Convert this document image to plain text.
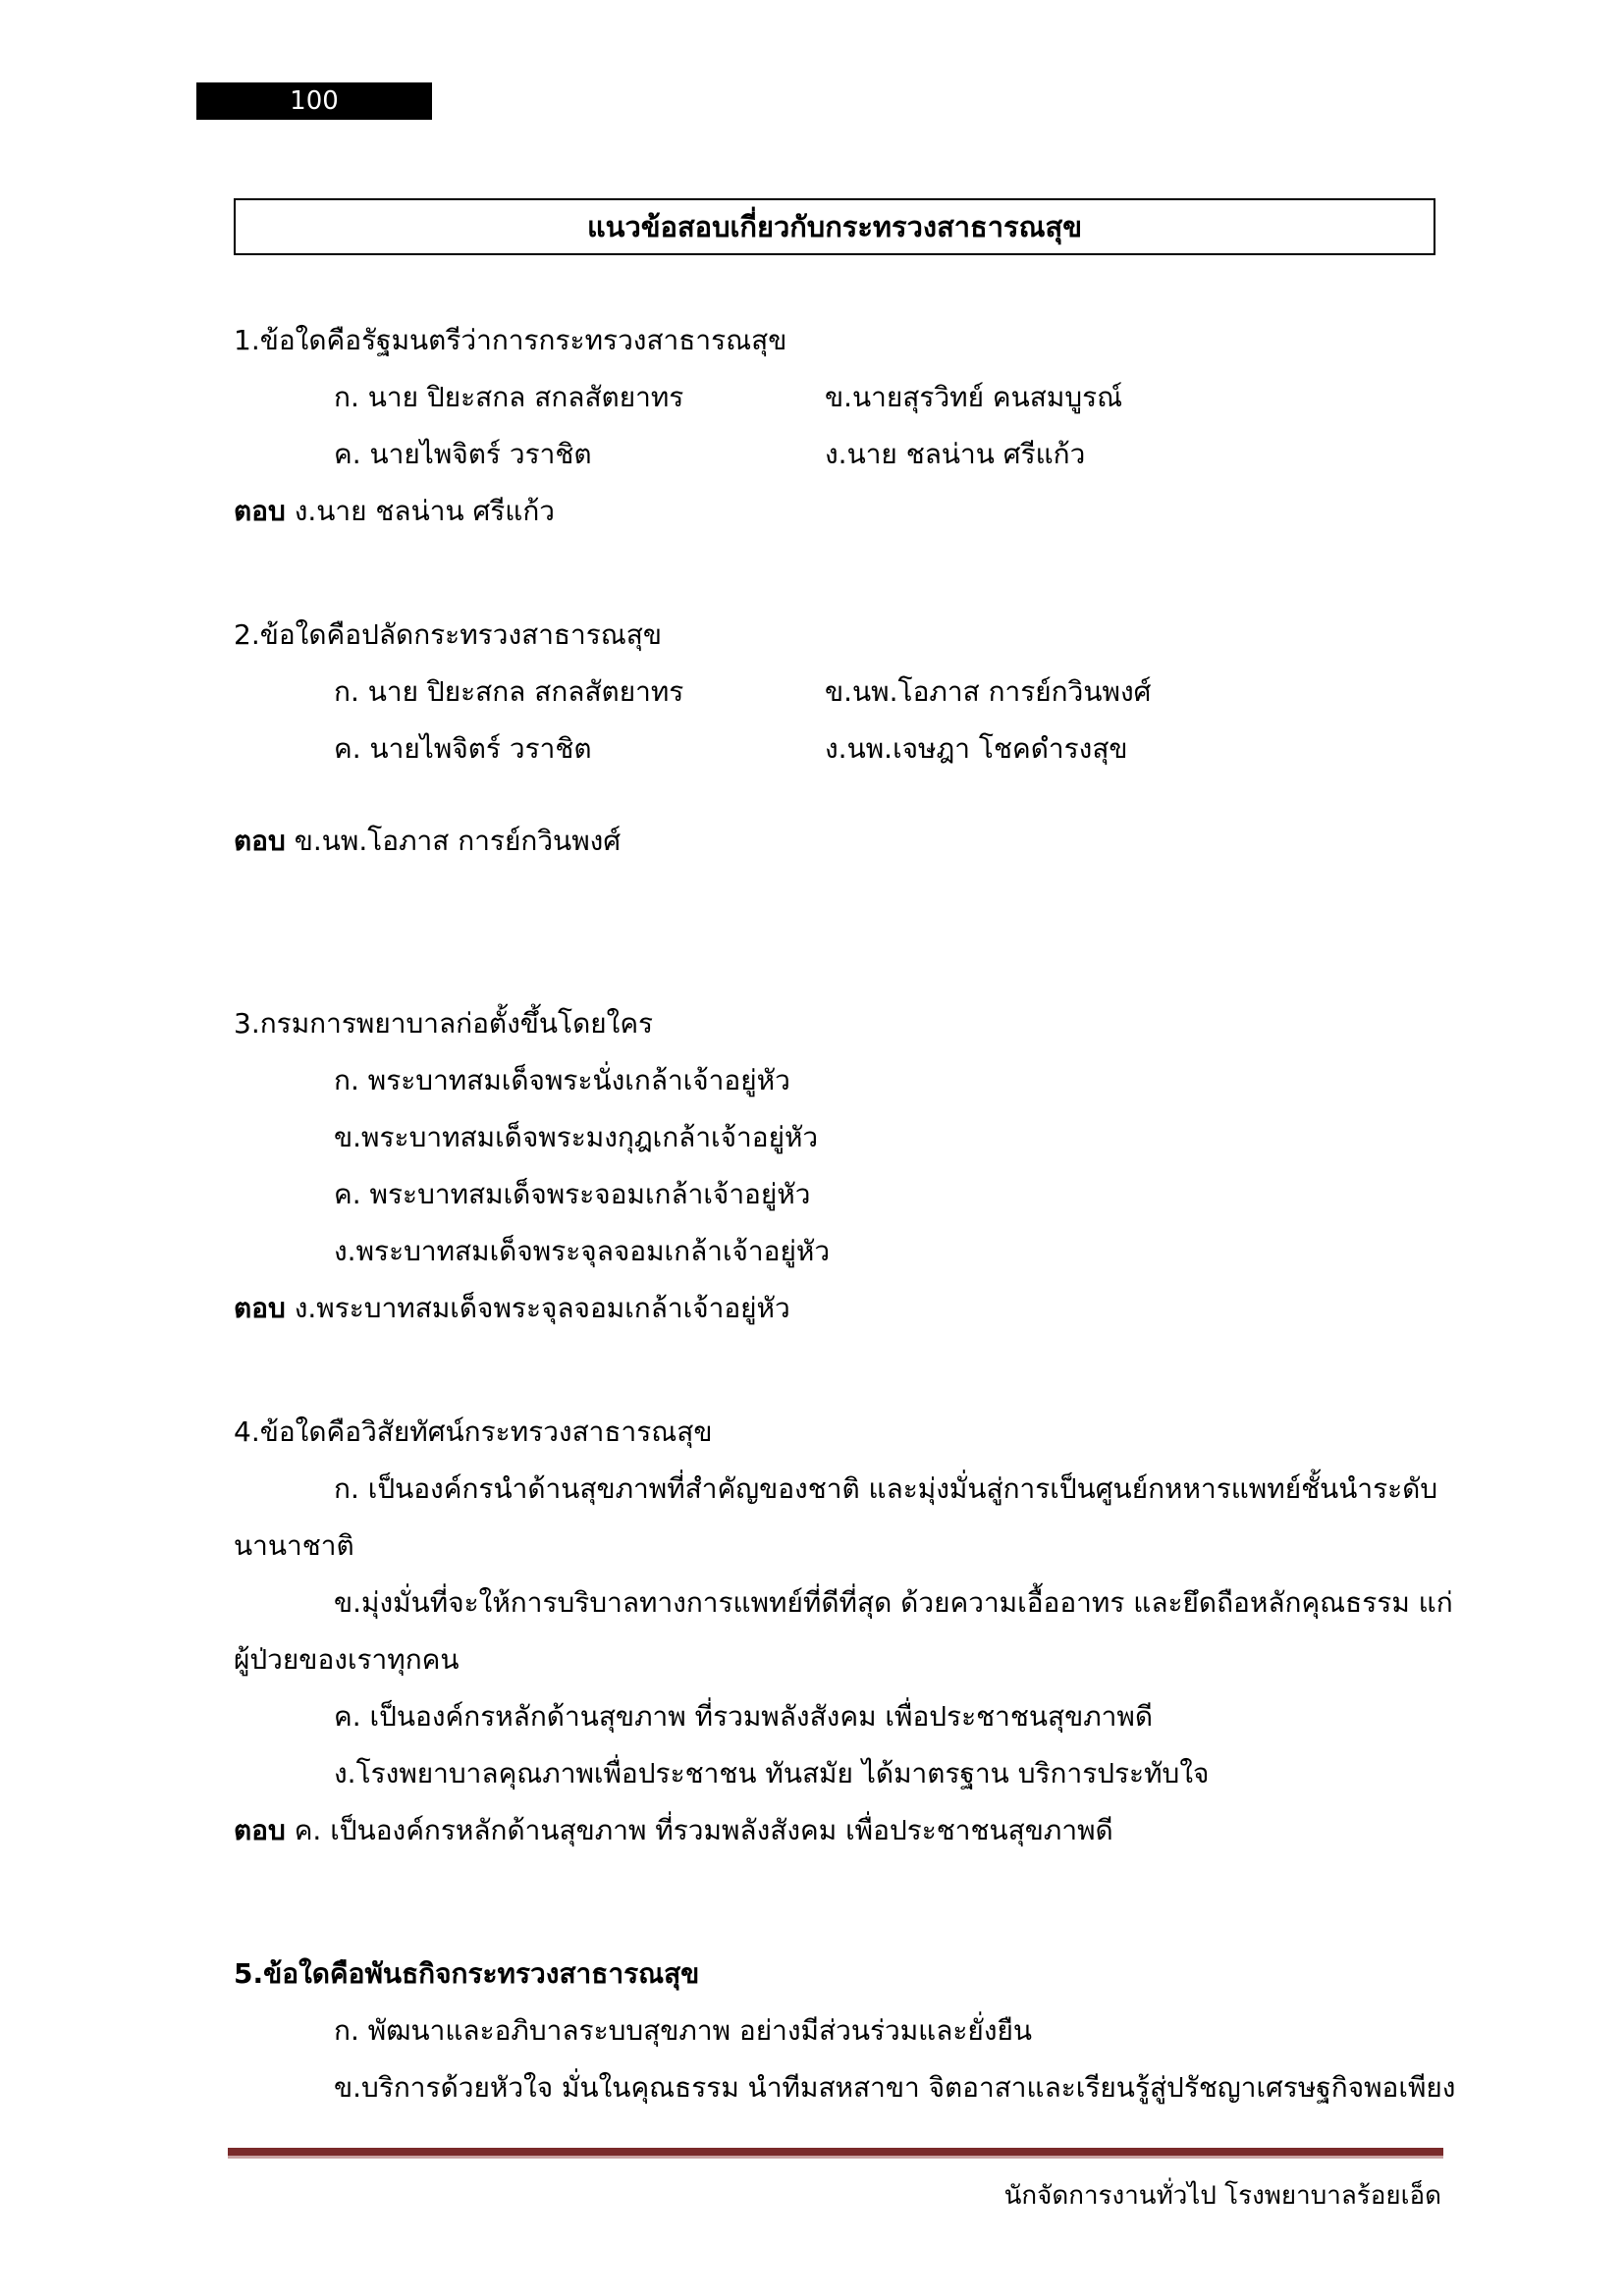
100
แนวข้อสอบเกี่ยวกับกระทรวงสาธารณสุข
1.ข้อใดคือรัฐมนตรีว่าการกระทรวงสาธารณสุข
ก. นาย ปิยะสกล สกลสัตยาทร	ข.นายสุรวิทย์ คนสมบูรณ์
ค. นายไพจิตร์ วราชิต	ง.นาย ชลน่าน ศรีแก้ว
ตอบ ง.นาย ชลน่าน ศรีแก้ว
2.ข้อใดคือปลัดกระทรวงสาธารณสุข
ก. นาย ปิยะสกล สกลสัตยาทร	ข.นพ.โอภาส การย์กวินพงศ์
ค. นายไพจิตร์ วราชิต	ง.นพ.เจษฎา โชคดำรงสุข
ตอบ ข.นพ.โอภาส การย์กวินพงศ์
3.กรมการพยาบาลก่อตั้งขึ้นโดยใคร
ก. พระบาทสมเด็จพระนั่งเกล้าเจ้าอยู่หัว
ข.พระบาทสมเด็จพระมงกุฎเกล้าเจ้าอยู่หัว
ค. พระบาทสมเด็จพระจอมเกล้าเจ้าอยู่หัว
ง.พระบาทสมเด็จพระจุลจอมเกล้าเจ้าอยู่หัว
ตอบ ง.พระบาทสมเด็จพระจุลจอมเกล้าเจ้าอยู่หัว
4.ข้อใดคือวิสัยทัศน์กระทรวงสาธารณสุข
ก. เป็นองค์กรนำด้านสุขภาพที่สำคัญของชาติ และมุ่งมั่นสู่การเป็นศูนย์กหหารแพทย์ชั้นนำระดับ
นานาชาติ
ข.มุ่งมั่นที่จะให้การบริบาลทางการแพทย์ที่ดีที่สุด ด้วยความเอื้ออาทร และยึดถือหลักคุณธรรม แก่
ผู้ป่วยของเราทุกคน
ค. เป็นองค์กรหลักด้านสุขภาพ ที่รวมพลังสังคม เพื่อประชาชนสุขภาพดี
ง.โรงพยาบาลคุณภาพเพื่อประชาชน ทันสมัย ได้มาตรฐาน บริการประทับใจ
ตอบ ค. เป็นองค์กรหลักด้านสุขภาพ ที่รวมพลังสังคม เพื่อประชาชนสุขภาพดี
5.ข้อใดคือพันธกิจกระทรวงสาธารณสุข
ก. พัฒนาและอภิบาลระบบสุขภาพ อย่างมีส่วนร่วมและยั่งยืน
ข.บริการด้วยหัวใจ มั่นในคุณธรรม นำทีมสหสาขา จิตอาสาและเรียนรู้สู่ปรัชญาเศรษฐกิจพอเพียง
นักจัดการงานทั่วไป โรงพยาบาลร้อยเอ็ด
